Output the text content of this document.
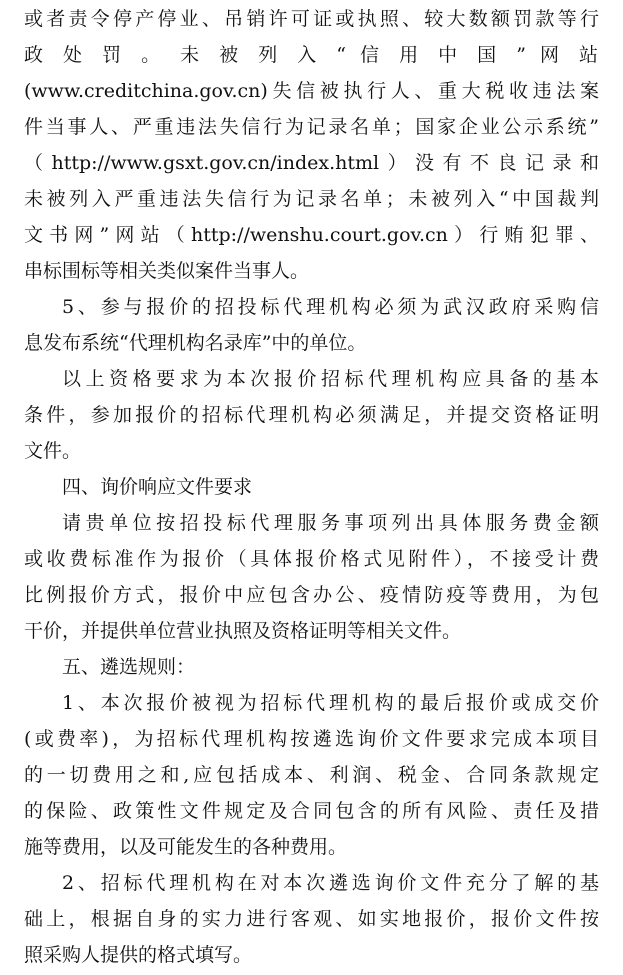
或者责令停产停业、吊销许可证或执照、较大数额罚款等行
政 处 罚 。 未 被 列 入 “ 信 用 中 国 ” 网 站
(www.creditchina.gov.cn)失信被执行人、重大税收违法案
件当事人、严重违法失信行为记录名单；国家企业公示系统”
（http://www.gsxt.gov.cn/index.html）没有不良记录和
未被列入严重违法失信行为记录名单；未被列入“中国裁判
文书网”网站（http://wenshu.court.gov.cn）行贿犯罪、
串标围标等相关类似案件当事人。
5、参与报价的招投标代理机构必须为武汉政府采购信
息发布系统“代理机构名录库”中的单位。
以上资格要求为本次报价招标代理机构应具备的基本
条件，参加报价的招标代理机构必须满足，并提交资格证明
文件。
四、询价响应文件要求
请贵单位按招投标代理服务事项列出具体服务费金额
或收费标准作为报价（具体报价格式见附件），不接受计费
比例报价方式，报价中应包含办公、疫情防疫等费用，为包
干价，并提供单位营业执照及资格证明等相关文件。
五、遴选规则：
1、本次报价被视为招标代理机构的最后报价或成交价
(或费率)，为招标代理机构按遴选询价文件要求完成本项目
的一切费用之和,应包括成本、利润、税金、合同条款规定
的保险、政策性文件规定及合同包含的所有风险、责任及措
施等费用，以及可能发生的各种费用。
2、招标代理机构在对本次遴选询价文件充分了解的基
础上，根据自身的实力进行客观、如实地报价，报价文件按
照采购人提供的格式填写。
